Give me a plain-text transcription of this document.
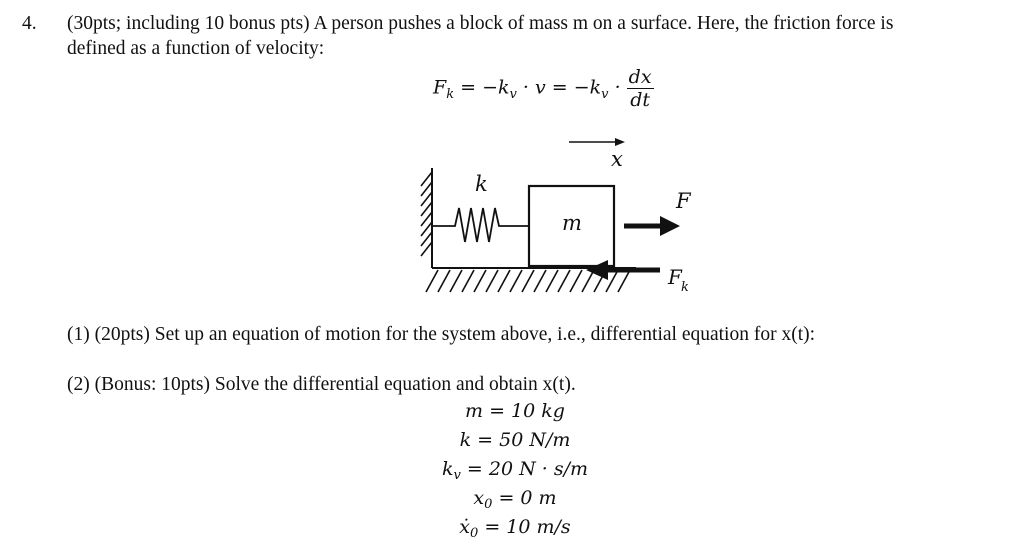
4. (30pts; including 10 bonus pts) A person pushes a block of mass m on a surface. Here, the friction force is
defined as a function of velocity:
$F_k = -k_v \cdot v = -k_v \cdot \frac{dx}{dt}$
x
k
m
F
F k
(1) (20pts) Set up an equation of motion for the system above, i.e., differential equation for x(t):
(2) (Bonus: 10pts) Solve the differential equation and obtain x(t).
m = 10 kg
k = 50 N/m
$k_v = 20$ N · s/m
$x_0 = 0$ m
ẋ$_0$ = 10 m/s
